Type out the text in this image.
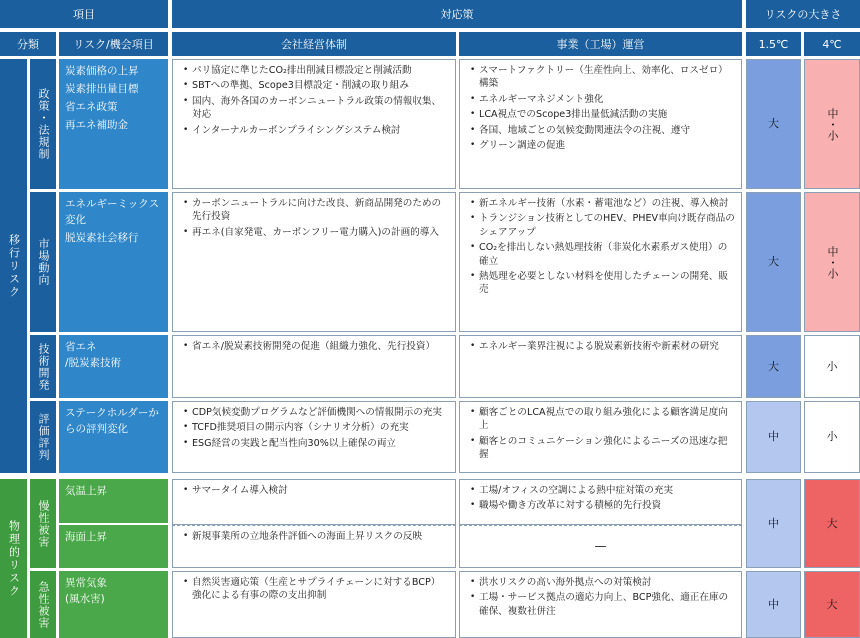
項目	対応策	リスクの大きさ
分類	リスク/機会項目	会社経営体制	事業（工場）運営	1.5℃	4℃
移行リスク
政策・法規制
炭素価格の上昇
炭素排出量目標
省エネ政策
再エネ補助金
• パリ協定に準じたCO₂排出削減目標設定と削減活動
• SBTへの準拠、Scope3目標設定・削減の取り組み
• 国内、海外各国のカーボンニュートラル政策の情報収集、対応
• インターナルカーボンプライシングシステム検討
• スマートファクトリー（生産性向上、効率化、ロスゼロ）構築
• エネルギーマネジメント強化
• LCA視点でのScope3排出量低減活動の実施
• 各国、地域ごとの気候変動関連法令の注視、遵守
• グリーン調達の促進
大	中・小
市場動向
エネルギーミックス変化
脱炭素社会移行
• カーボンニュートラルに向けた改良、新商品開発のための先行投資
• 再エネ(自家発電、カーボンフリー電力購入)の計画的導入
• 新エネルギー技術（水素・蓄電池など）の注視、導入検討
• トランジション技術としてのHEV、PHEV車向け既存商品のシェアアップ
• CO₂を排出しない熱処理技術（非炭化水素系ガス使用）の確立
• 熱処理を必要としない材料を使用したチェーンの開発、販売
大	中・小
技術開発	省エネ
/脱炭素技術
• 省エネ/脱炭素技術開発の促進（組織力強化、先行投資）
•	エネルギー業界注視による脱炭素新技術や新素材の研究
大	小
評価評判	ステークホルダーからの評判変化
• CDP気候変動プログラムなど評価機関への情報開示の充実
• TCFD推奨項目の開示内容（シナリオ分析）の充実
• ESG経営の実践と配当性向30%以上確保の両立
• 顧客ごとのLCA視点での取り組み強化による顧客満足度向上
• 顧客とのコミュニケーション強化によるニーズの迅速な把握
中	小
物理的リスク	慢性被害
気温上昇
海面上昇
• サマータイム導入検討
• 新規事業所の立地条件評価への海面上昇リスクの反映
• 工場/オフィスの空調による熱中症対策の充実
• 職場や働き方改革に対する積極的先行投資
—
中	大
急性被害	異常気象
(風水害)
• 自然災害適応策（生産とサプライチェーンに対するBCP）強化による有事の際の支出抑制
• 洪水リスクの高い海外拠点への対策検討
• 工場・サービス拠点の適応力向上、BCP強化、適正在庫の確保、複数社併注
中	大
